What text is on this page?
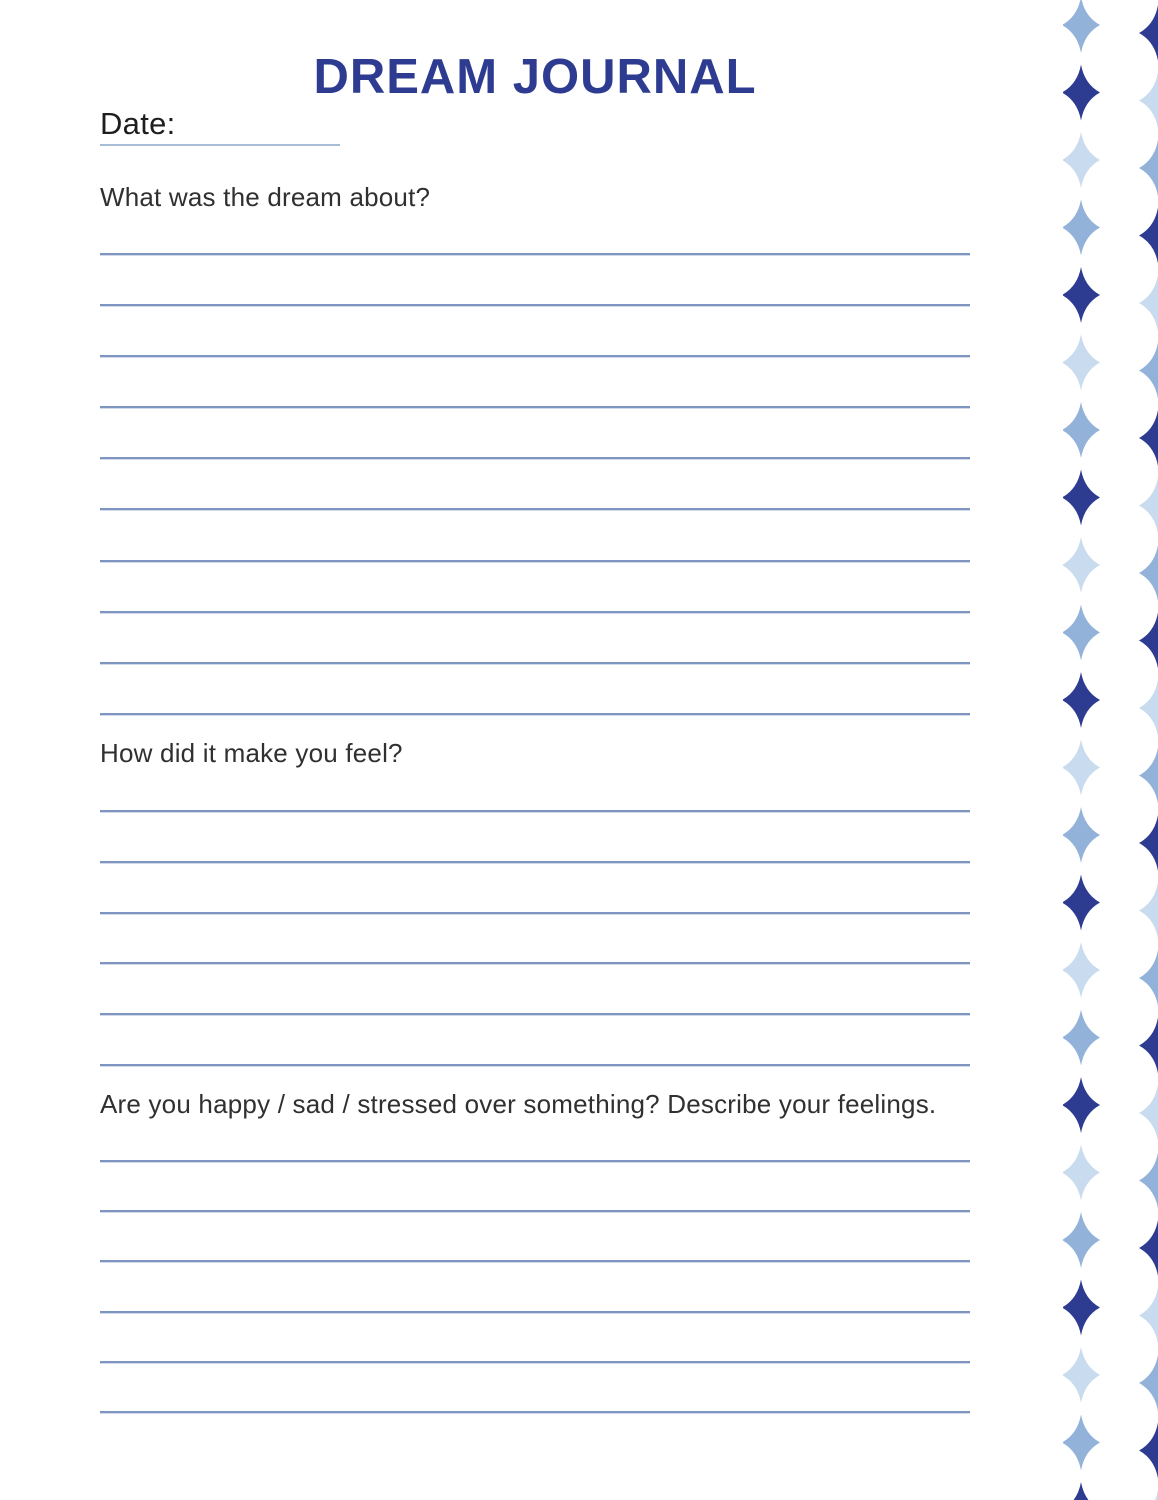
DREAM JOURNAL
Date:
What was the dream about?
How did it make you feel?
Are you happy / sad / stressed over something? Describe your feelings.
